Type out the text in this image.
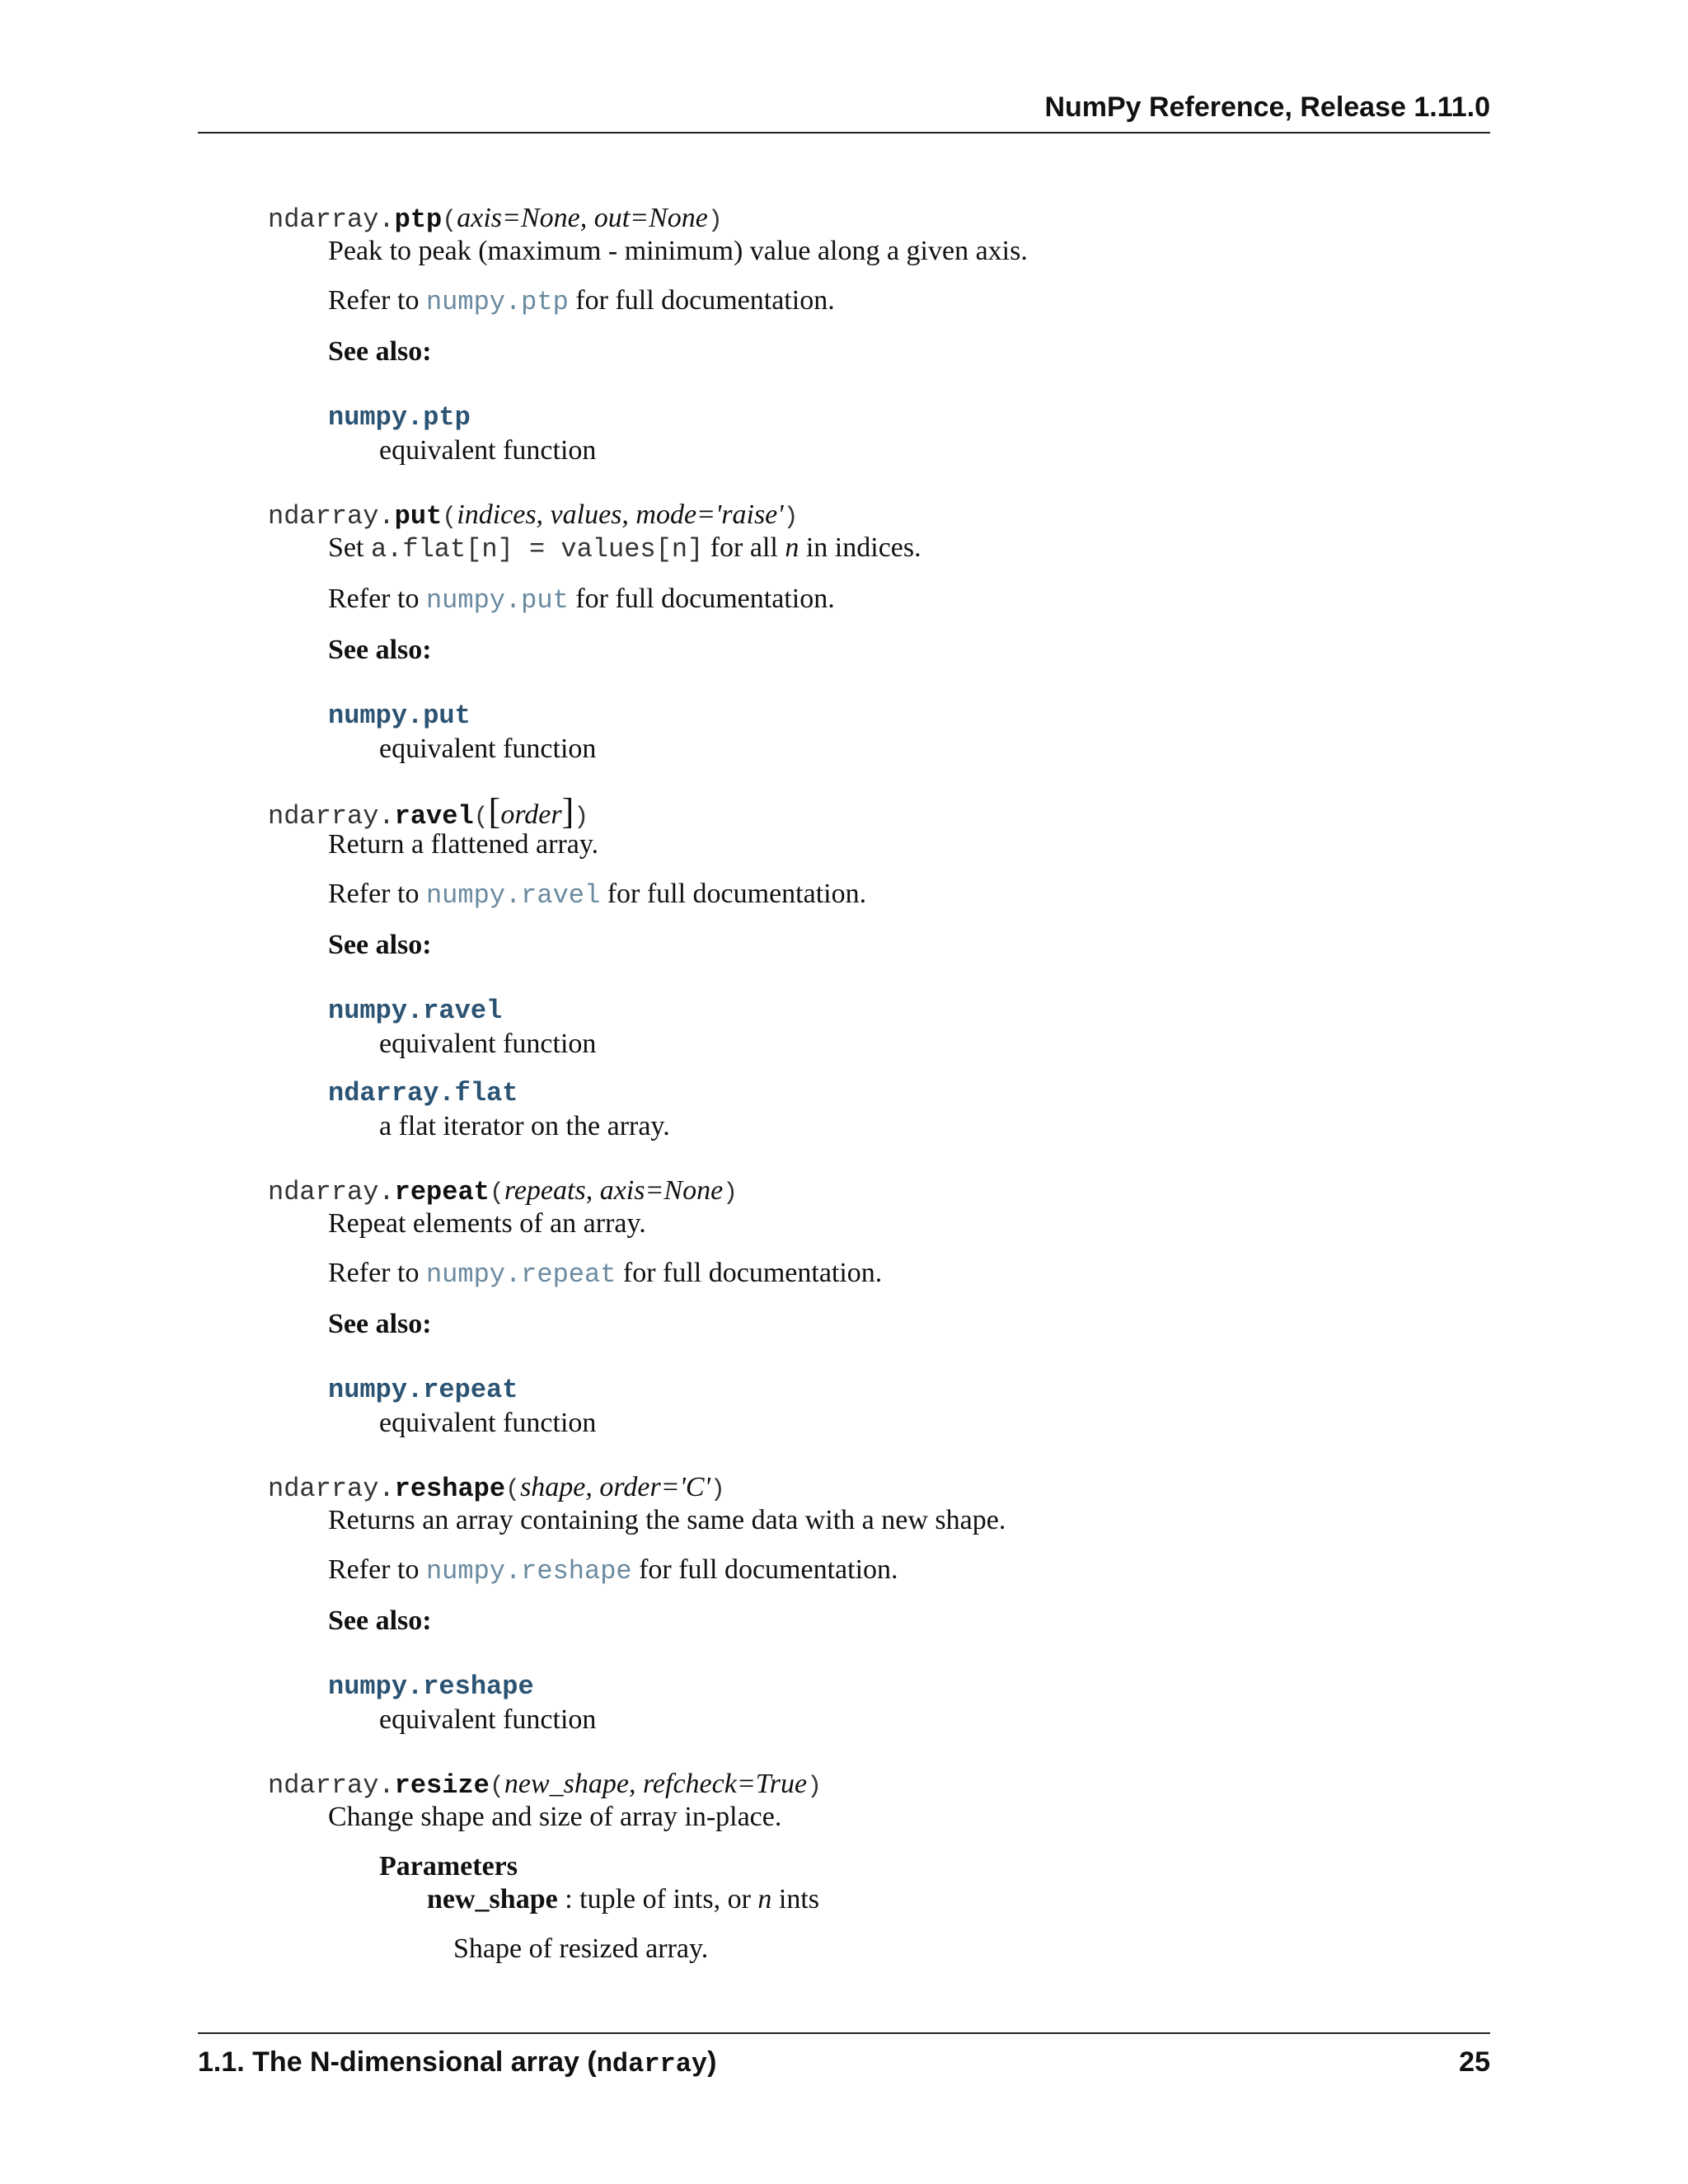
NumPy Reference, Release 1.11.0
ndarray.ptp(axis=None, out=None)
Peak to peak (maximum - minimum) value along a given axis.
Refer to numpy.ptp for full documentation.
See also:
numpy.ptp
equivalent function
ndarray.put(indices, values, mode='raise')
Set a.flat[n] = values[n] for all n in indices.
Refer to numpy.put for full documentation.
See also:
numpy.put
equivalent function
ndarray.ravel([order])
Return a flattened array.
Refer to numpy.ravel for full documentation.
See also:
numpy.ravel
equivalent function
ndarray.flat
a flat iterator on the array.
ndarray.repeat(repeats, axis=None)
Repeat elements of an array.
Refer to numpy.repeat for full documentation.
See also:
numpy.repeat
equivalent function
ndarray.reshape(shape, order='C')
Returns an array containing the same data with a new shape.
Refer to numpy.reshape for full documentation.
See also:
numpy.reshape
equivalent function
ndarray.resize(new_shape, refcheck=True)
Change shape and size of array in-place.
Parameters
new_shape : tuple of ints, or n ints
Shape of resized array.
1.1. The N-dimensional array (ndarray)	25
